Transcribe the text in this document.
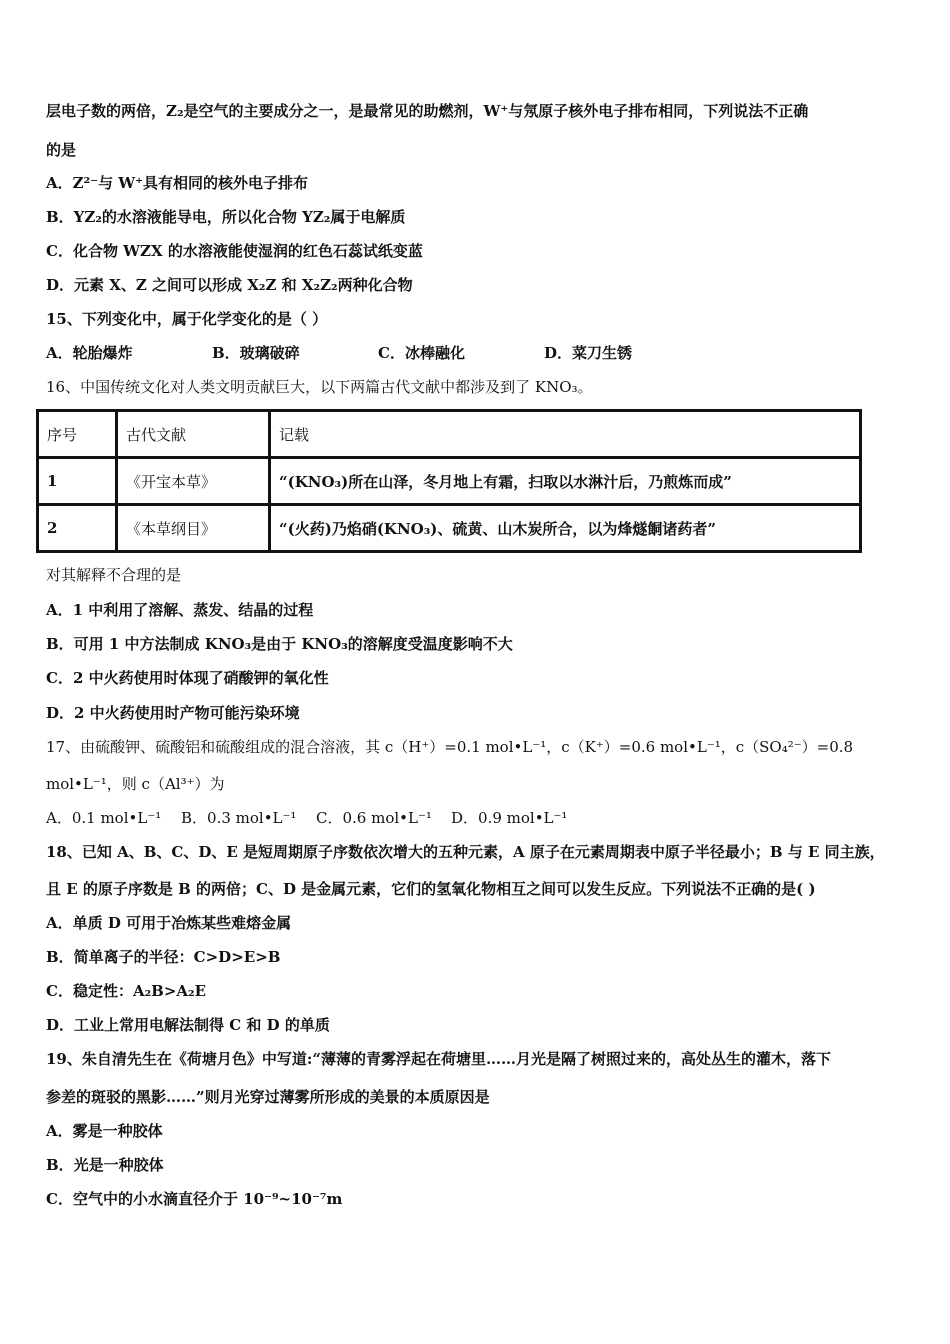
层电子数的两倍，Z₂是空气的主要成分之一，是最常见的助燃剂，W⁺与氖原子核外电子排布相同，下列说法不正确
的是
A．Z²⁻与 W⁺具有相同的核外电子排布
B．YZ₂的水溶液能导电，所以化合物 YZ₂属于电解质
C．化合物 WZX 的水溶液能使湿润的红色石蕊试纸变蓝
D．元素 X、Z 之间可以形成 X₂Z 和 X₂Z₂两种化合物
15、下列变化中，属于化学变化的是（ ）
A．轮胎爆炸	B．玻璃破碎	C．冰棒融化	D．菜刀生锈
16、中国传统文化对人类文明贡献巨大，以下两篇古代文献中都涉及到了 KNO₃。
序号	古代文献	记载
1	《开宝本草》	“(KNO₃)所在山泽，冬月地上有霜，扫取以水淋汁后，乃煎炼而成”
2	《本草纲目》	“(火药)乃焰硝(KNO₃)、硫黄、山木炭所合，以为烽燧餇诸药者”
对其解释不合理的是
A．1 中利用了溶解、蒸发、结晶的过程
B．可用 1 中方法制成 KNO₃是由于 KNO₃的溶解度受温度影响不大
C．2 中火药使用时体现了硝酸钾的氧化性
D．2 中火药使用时产物可能污染环境
17、由硫酸钾、硫酸铝和硫酸组成的混合溶液，其 c（H⁺）=0.1 mol•L⁻¹，c（K⁺）=0.6 mol•L⁻¹，c（SO₄²⁻）=0.8
mol•L⁻¹，则 c（Al³⁺）为
A．0.1 mol•L⁻¹ B．0.3 mol•L⁻¹ C．0.6 mol•L⁻¹ D．0.9 mol•L⁻¹
18、已知 A、B、C、D、E 是短周期原子序数依次增大的五种元素，A 原子在元素周期表中原子半径最小；B 与 E 同主族，
且 E 的原子序数是 B 的两倍；C、D 是金属元素，它们的氢氧化物相互之间可以发生反应。下列说法不正确的是( )
A．单质 D 可用于冶炼某些难熔金属
B．简单离子的半径：C>D>E>B
C．稳定性：A₂B>A₂E
D．工业上常用电解法制得 C 和 D 的单质
19、朱自清先生在《荷塘月色》中写道:“薄薄的青雾浮起在荷塘里……月光是隔了树照过来的，高处丛生的灌木，落下
参差的斑驳的黑影……”则月光穿过薄雾所形成的美景的本质原因是
A．雾是一种胶体
B．光是一种胶体
C．空气中的小水滴直径介于 10⁻⁹~10⁻⁷m
